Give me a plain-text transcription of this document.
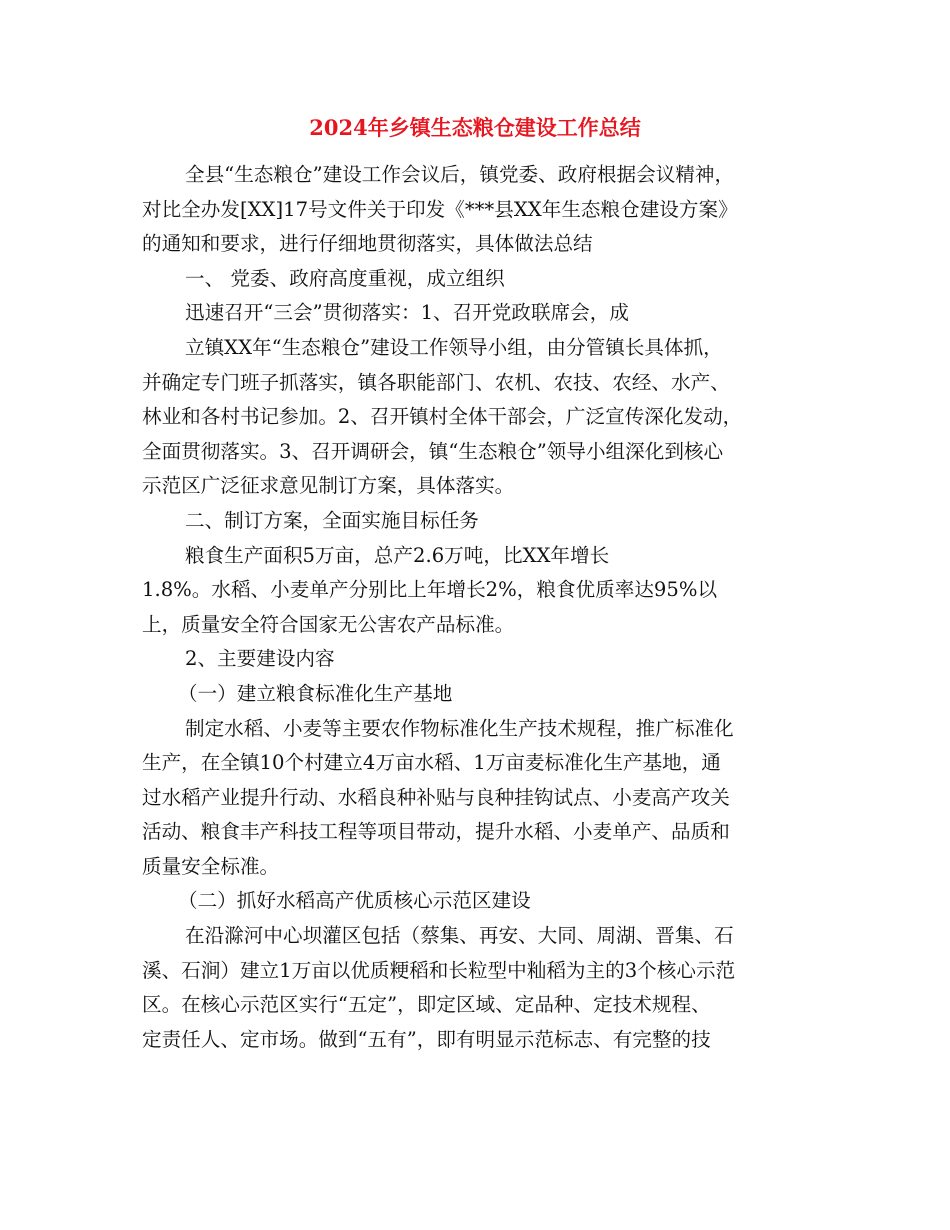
2024年乡镇生态粮仓建设工作总结
全县“生态粮仓”建设工作会议后，镇党委、政府根据会议精神，
对比全办发[XX]17号文件关于印发《***县XX年生态粮仓建设方案》
的通知和要求，进行仔细地贯彻落实，具体做法总结
一、 党委、政府高度重视，成立组织
迅速召开“三会”贯彻落实：1、召开党政联席会，成
立镇XX年“生态粮仓”建设工作领导小组，由分管镇长具体抓，
并确定专门班子抓落实，镇各职能部门、农机、农技、农经、水产、
林业和各村书记参加。2、召开镇村全体干部会，广泛宣传深化发动，
全面贯彻落实。3、召开调研会，镇“生态粮仓”领导小组深化到核心
示范区广泛征求意见制订方案，具体落实。
二、制订方案，全面实施目标任务
粮食生产面积5万亩，总产2.6万吨，比XX年增长
1.8%。水稻、小麦单产分别比上年增长2%，粮食优质率达95%以
上，质量安全符合国家无公害农产品标准。
2、主要建设内容
（一）建立粮食标准化生产基地
制定水稻、小麦等主要农作物标准化生产技术规程，推广标准化
生产，在全镇10个村建立4万亩水稻、1万亩麦标准化生产基地，通
过水稻产业提升行动、水稻良种补贴与良种挂钩试点、小麦高产攻关
活动、粮食丰产科技工程等项目带动，提升水稻、小麦单产、品质和
质量安全标准。
（二）抓好水稻高产优质核心示范区建设
在沿滁河中心坝灌区包括（蔡集、再安、大同、周湖、晋集、石
溪、石涧）建立1万亩以优质粳稻和长粒型中籼稻为主的3个核心示范
区。在核心示范区实行“五定”，即定区域、定品种、定技术规程、
定责任人、定市场。做到“五有”，即有明显示范标志、有完整的技
